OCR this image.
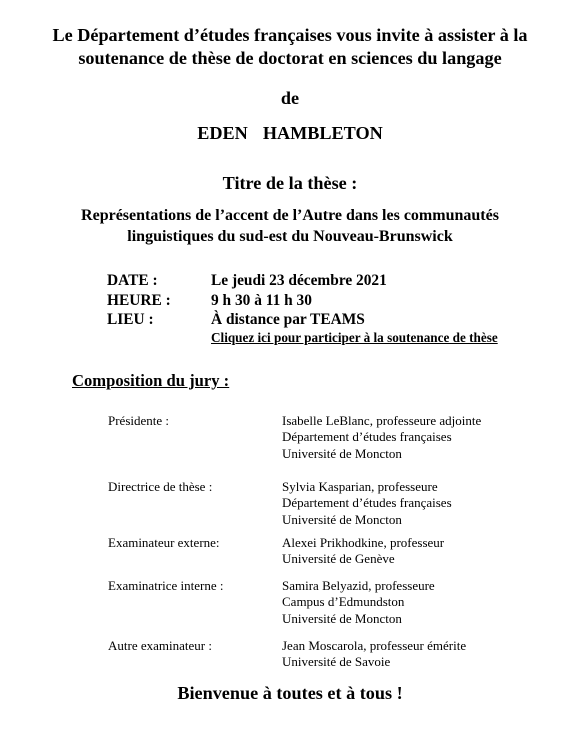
Le Département d’études françaises vous invite à assister à la
soutenance de thèse de doctorat en sciences du langage
de
EDEN  HAMBLETON
Titre de la thèse :
Représentations de l’accent de l’Autre dans les communautés
linguistiques du sud-est du Nouveau-Brunswick
DATE :	Le jeudi 23 décembre 2021
HEURE :	9 h 30 à 11 h 30
LIEU :	À distance par TEAMS
Cliquez ici pour participer à la soutenance de thèse
Composition du jury :
Présidente :	Isabelle LeBlanc, professeure adjointe
Département d’études françaises
Université de Moncton
Directrice de thèse :	Sylvia Kasparian, professeure
Département d’études françaises
Université de Moncton
Examinateur externe:	Alexei Prikhodkine, professeur
Université de Genève
Examinatrice interne :	Samira Belyazid, professeure
Campus d’Edmundston
Université de Moncton
Autre examinateur :	Jean Moscarola, professeur émérite
Université de Savoie
Bienvenue à toutes et à tous !
